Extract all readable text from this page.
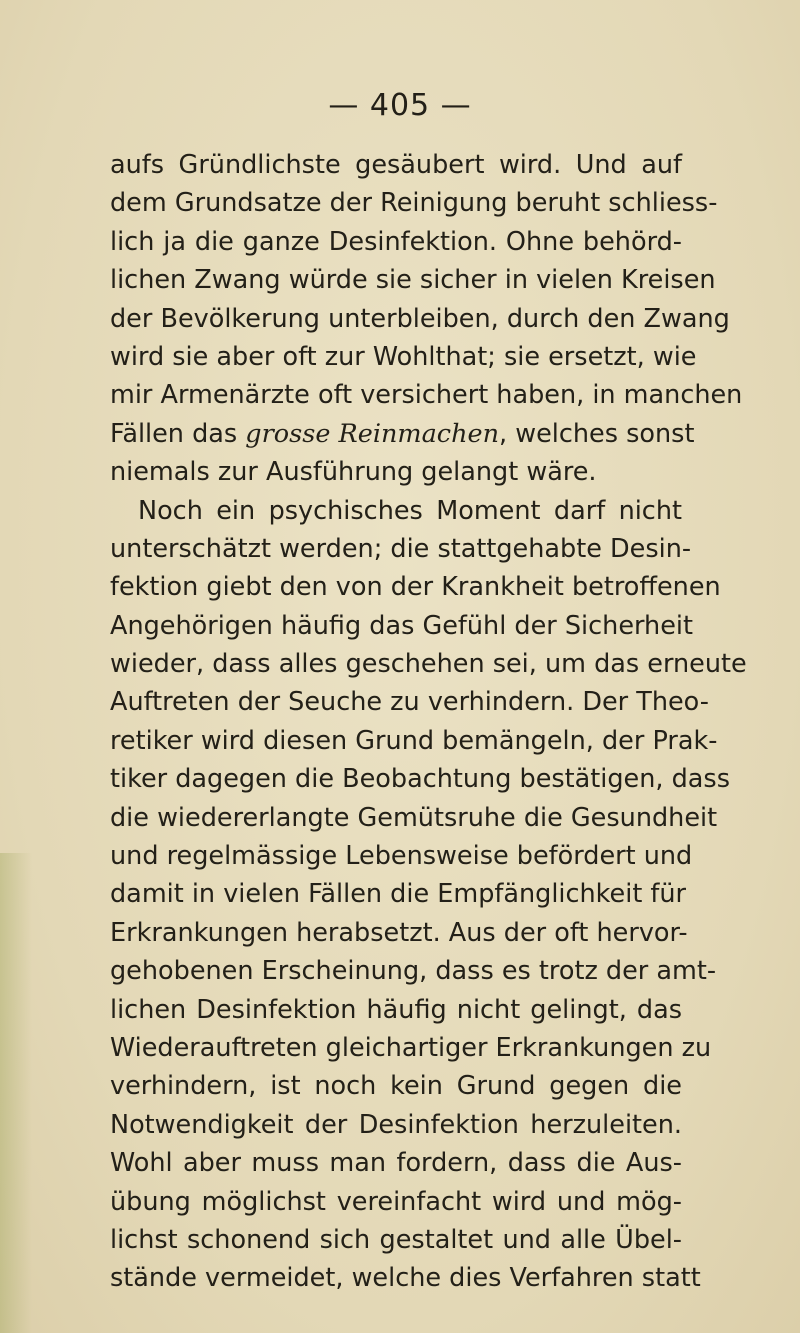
— 405 —
aufs Gründlichste gesäubert wird. Und auf
dem Grundsatze der Reinigung beruht schliess-
lich ja die ganze Desinfektion. Ohne behörd-
lichen Zwang würde sie sicher in vielen Kreisen
der Bevölkerung unterbleiben, durch den Zwang
wird sie aber oft zur Wohlthat; sie ersetzt, wie
mir Armenärzte oft versichert haben, in manchen
Fällen das grosse Reinmachen, welches sonst
niemals zur Ausführung gelangt wäre.
Noch ein psychisches Moment darf nicht
unterschätzt werden; die stattgehabte Desin-
fektion giebt den von der Krankheit betroffenen
Angehörigen häufig das Gefühl der Sicherheit
wieder, dass alles geschehen sei, um das erneute
Auftreten der Seuche zu verhindern. Der Theo-
retiker wird diesen Grund bemängeln, der Prak-
tiker dagegen die Beobachtung bestätigen, dass
die wiedererlangte Gemütsruhe die Gesundheit
und regelmässige Lebensweise befördert und
damit in vielen Fällen die Empfänglichkeit für
Erkrankungen herabsetzt. Aus der oft hervor-
gehobenen Erscheinung, dass es trotz der amt-
lichen Desinfektion häufig nicht gelingt, das
Wiederauftreten gleichartiger Erkrankungen zu
verhindern, ist noch kein Grund gegen die
Notwendigkeit der Desinfektion herzuleiten.
Wohl aber muss man fordern, dass die Aus-
übung möglichst vereinfacht wird und mög-
lichst schonend sich gestaltet und alle Übel-
stände vermeidet, welche dies Verfahren statt
